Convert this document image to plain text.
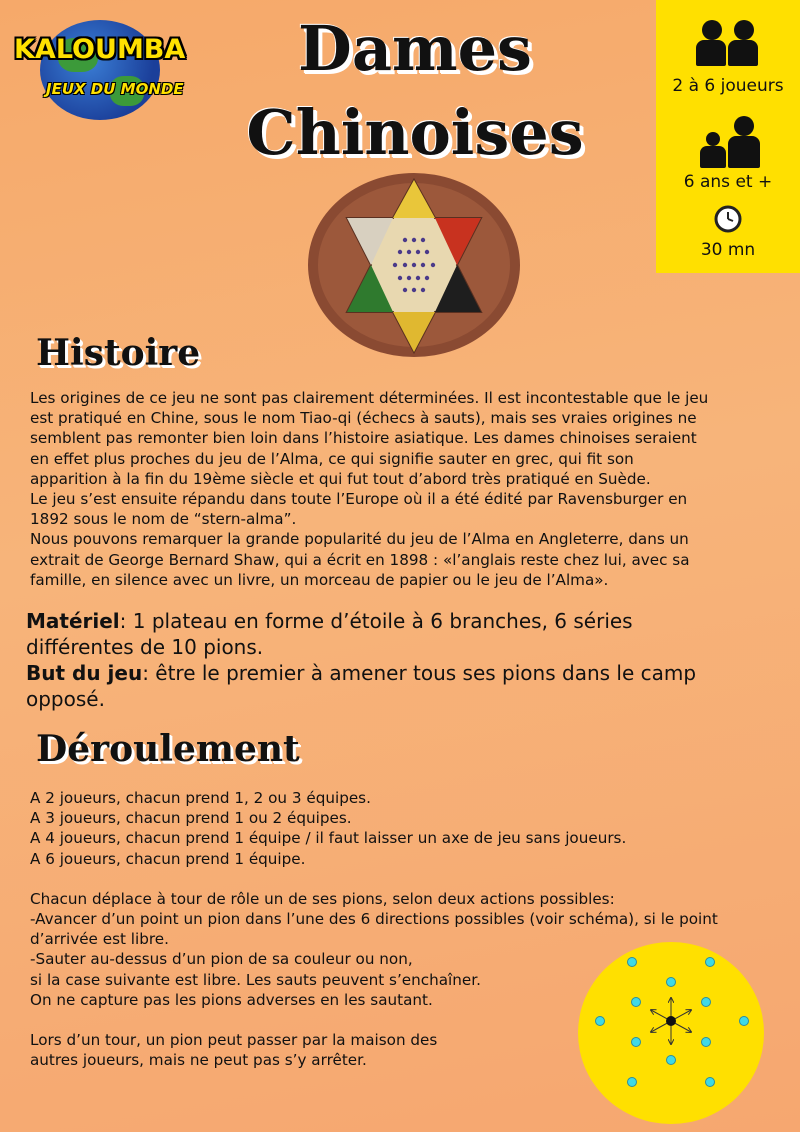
KALOUMBA
JEUX DU MONDE
Dames
Chinoises
2 à 6 joueurs
6 ans et +
30 mn
Histoire
Les origines de ce jeu ne sont pas clairement déterminées. Il est incontestable que le jeu
est pratiqué en Chine, sous le nom Tiao-qi (échecs à sauts), mais ses vraies origines ne
semblent pas remonter bien loin dans l’histoire asiatique. Les dames chinoises seraient
en effet plus proches du jeu de l’Alma, ce qui signifie sauter en grec, qui fit son
apparition à la fin du 19ème siècle et qui fut tout d’abord très pratiqué en Suède.
Le jeu s’est ensuite répandu dans toute l’Europe où il a été édité par Ravensburger en
1892 sous le nom de “stern-alma”.
Nous pouvons remarquer la grande popularité du jeu de l’Alma en Angleterre, dans un
extrait de George Bernard Shaw, qui a écrit en 1898 : «l’anglais reste chez lui, avec sa
famille, en silence avec un livre, un morceau de papier ou le jeu de l’Alma».
Matériel: 1 plateau en forme d’étoile à 6 branches, 6 séries
différentes de 10 pions.
But du jeu: être le premier à amener tous ses pions dans le camp
opposé.
Déroulement
A 2 joueurs, chacun prend 1, 2 ou 3 équipes.
A 3 joueurs, chacun prend 1 ou 2 équipes.
A 4 joueurs, chacun prend 1 équipe / il faut laisser un axe de jeu sans joueurs.
A 6 joueurs, chacun prend 1 équipe.
Chacun déplace à tour de rôle un de ses pions, selon deux actions possibles:
-Avancer d’un point un pion dans l’une des 6 directions possibles (voir schéma), si le point
d’arrivée est libre.
-Sauter au-dessus d’un pion de sa couleur ou non,
si la case suivante est libre. Les sauts peuvent s’enchaîner.
On ne capture pas les pions adverses en les sautant.
Lors d’un tour, un pion peut passer par la maison des
autres joueurs, mais ne peut pas s’y arrêter.
